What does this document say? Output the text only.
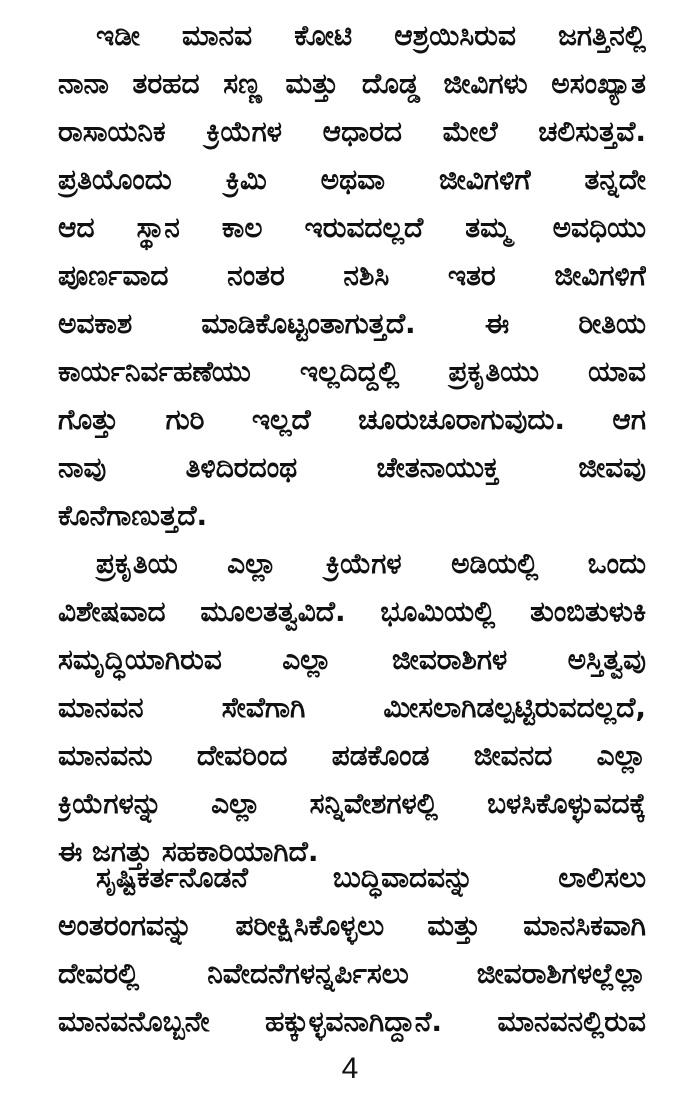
ಇಡೀ ಮಾನವ ಕೋಟಿ ಆಶ್ರಯಿಸಿರುವ ಜಗತ್ತಿನಲ್ಲಿ
ನಾನಾ ತರಹದ ಸಣ್ಣ ಮತ್ತು ದೊಡ್ಡ ಜೀವಿಗಳು ಅಸಂಖ್ಯಾತ
ರಾಸಾಯನಿಕ ಕ್ರಿಯೆಗಳ ಆಧಾರದ ಮೇಲೆ ಚಲಿಸುತ್ತವೆ.
ಪ್ರತಿಯೊಂದು ಕ್ರಿಮಿ ಅಥವಾ ಜೀವಿಗಳಿಗೆ ತನ್ನದೇ
ಆದ ಸ್ಥಾನ ಕಾಲ ಇರುವದಲ್ಲದೆ ತಮ್ಮ ಅವಧಿಯು
ಪೂರ್ಣವಾದ ನಂತರ ನಶಿಸಿ ಇತರ ಜೀವಿಗಳಿಗೆ
ಅವಕಾಶ ಮಾಡಿಕೊಟ್ಟಂತಾಗುತ್ತದೆ. ಈ ರೀತಿಯ
ಕಾರ್ಯನಿರ್ವಹಣೆಯು ಇಲ್ಲದಿದ್ದಲ್ಲಿ ಪ್ರಕೃತಿಯು ಯಾವ
ಗೊತ್ತು ಗುರಿ ಇಲ್ಲದೆ ಚೂರುಚೂರಾಗುವುದು. ಆಗ
ನಾವು ತಿಳಿದಿರದಂಥ ಚೇತನಾಯುಕ್ತ ಜೀವವು
ಕೊನೆಗಾಣುತ್ತದೆ.
ಪ್ರಕೃತಿಯ ಎಲ್ಲಾ ಕ್ರಿಯೆಗಳ ಅಡಿಯಲ್ಲಿ ಒಂದು
ವಿಶೇಷವಾದ ಮೂಲತತ್ವವಿದೆ. ಭೂಮಿಯಲ್ಲಿ ತುಂಬಿತುಳುಕಿ
ಸಮೃದ್ಧಿಯಾಗಿರುವ ಎಲ್ಲಾ ಜೀವರಾಶಿಗಳ ಅಸ್ತಿತ್ವವು
ಮಾನವನ ಸೇವೆಗಾಗಿ ಮೀಸಲಾಗಿಡಲ್ಪಟ್ಟಿರುವದಲ್ಲದೆ,
ಮಾನವನು ದೇವರಿಂದ ಪಡಕೊಂಡ ಜೀವನದ ಎಲ್ಲಾ
ಕ್ರಿಯೆಗಳನ್ನು ಎಲ್ಲಾ ಸನ್ನಿವೇಶಗಳಲ್ಲಿ ಬಳಸಿಕೊಳ್ಳುವದಕ್ಕೆ
ಈ ಜಗತ್ತು ಸಹಕಾರಿಯಾಗಿದೆ.
ಸೃಷ್ಟಿಕರ್ತನೊಡನೆ ಬುದ್ಧಿವಾದವನ್ನು ಲಾಲಿಸಲು
ಅಂತರಂಗವನ್ನು ಪರೀಕ್ಷಿಸಿಕೊಳ್ಳಲು ಮತ್ತು ಮಾನಸಿಕವಾಗಿ
ದೇವರಲ್ಲಿ ನಿವೇದನೆಗಳನ್ನರ್ಪಿಸಲು ಜೀವರಾಶಿಗಳಲ್ಲೆಲ್ಲಾ
ಮಾನವನೊಬ್ಬನೇ ಹಕ್ಕುಳ್ಳವನಾಗಿದ್ದಾನೆ. ಮಾನವನಲ್ಲಿರುವ
4
